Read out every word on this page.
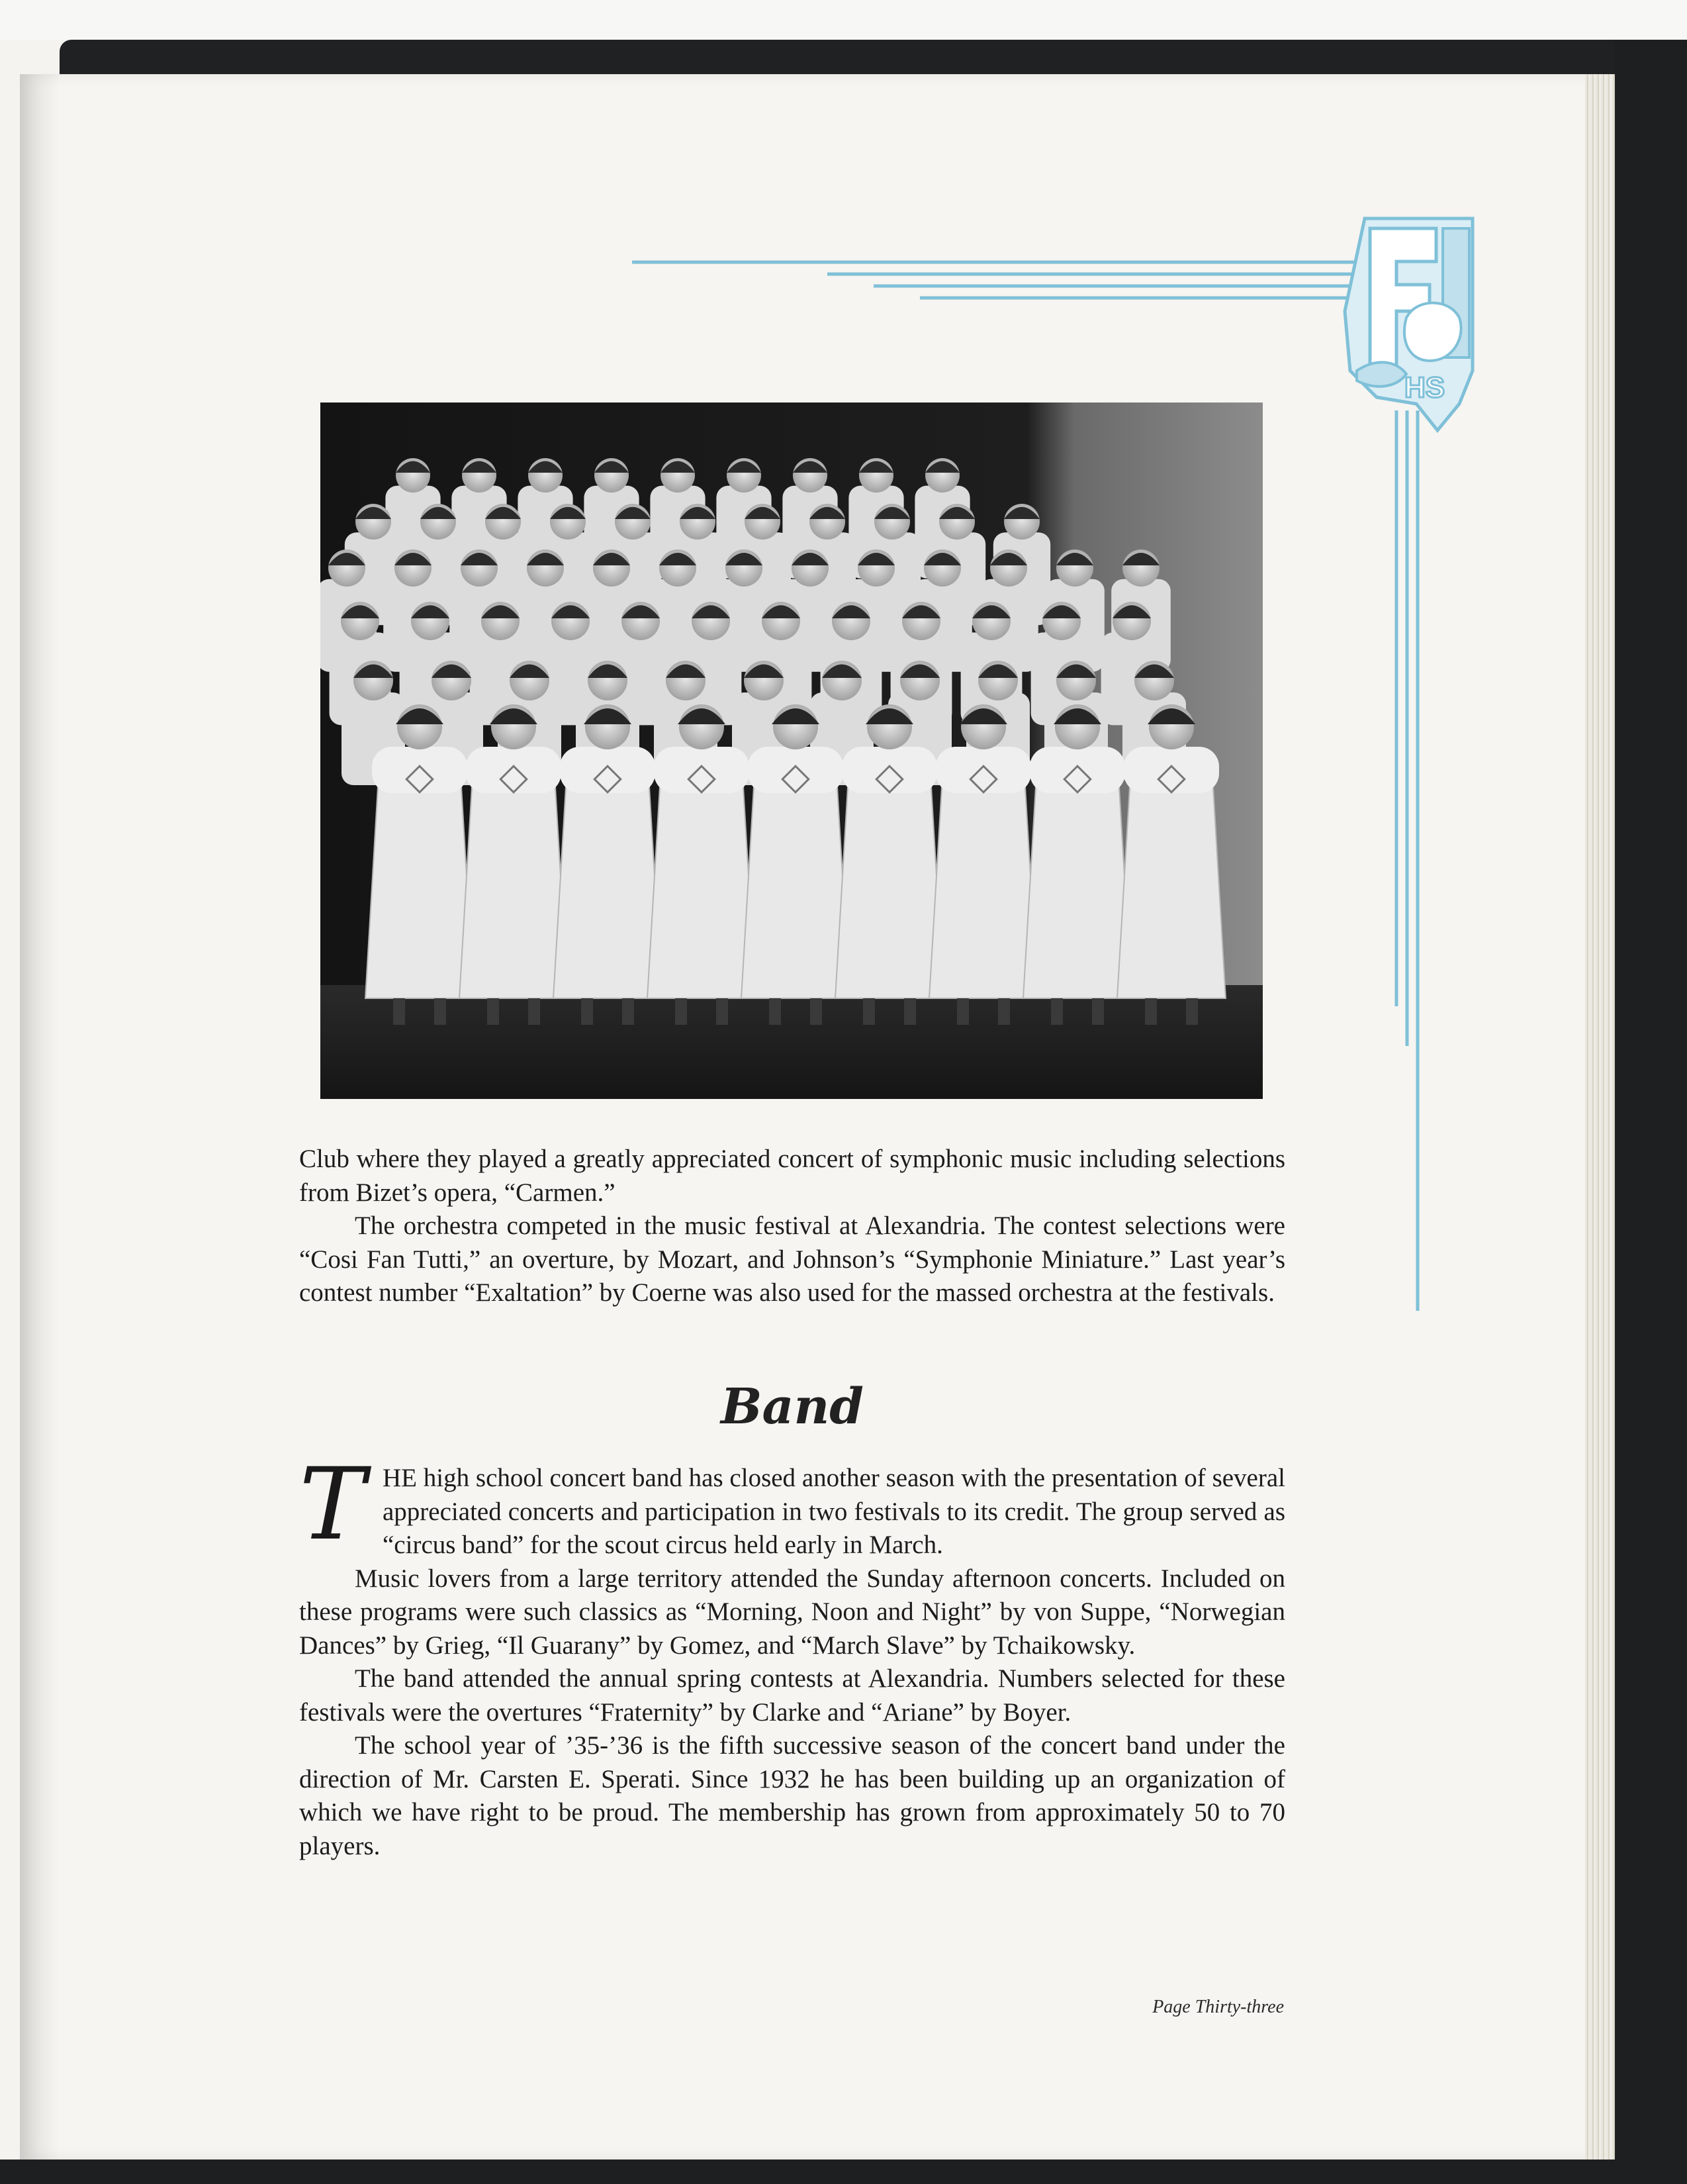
HS

Club where they played a greatly appreciated concert of symphonic music including selections from Bizet’s opera, “Carmen.”

The orchestra competed in the music festival at Alexandria. The contest selections were “Cosi Fan Tutti,” an overture, by Mozart, and Johnson’s “Symphonie Miniature.” Last year’s contest number “Exaltation” by Coerne was also used for the massed orchestra at the festivals.

Band

THE high school concert band has closed another season with the presentation of several appreciated concerts and participation in two festivals to its credit. The group served as “circus band” for the scout circus held early in March.

Music lovers from a large territory attended the Sunday afternoon concerts. Included on these programs were such classics as “Morning, Noon and Night” by von Suppe, “Norwegian Dances” by Grieg, “Il Guarany” by Gomez, and “March Slave” by Tchaikowsky.

The band attended the annual spring contests at Alexandria. Numbers selected for these festivals were the overtures “Fraternity” by Clarke and “Ariane” by Boyer.

The school year of ’35-’36 is the fifth successive season of the concert band under the direction of Mr. Carsten E. Sperati. Since 1932 he has been building up an organization of which we have right to be proud. The membership has grown from approximately 50 to 70 players.

Page Thirty-three
